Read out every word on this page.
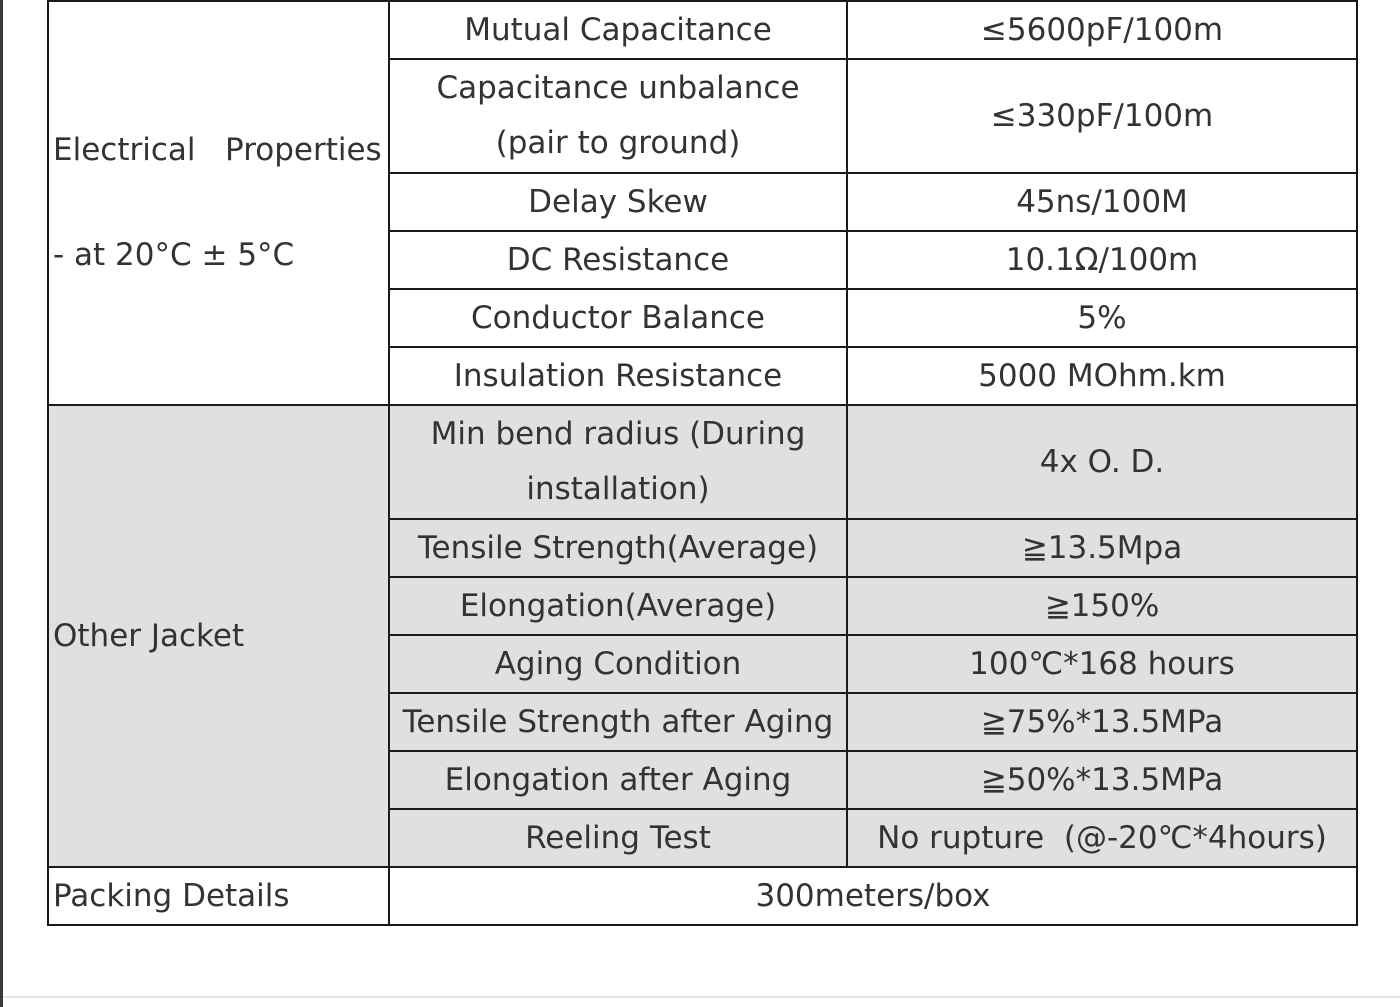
Electrical   Properties
- at 20°C ± 5°C	Mutual Capacitance	≤5600pF/100m
	Capacitance unbalance (pair to ground)	≤330pF/100m
	Delay Skew	45ns/100M
	DC Resistance	10.1Ω/100m
	Conductor Balance	5%
	Insulation Resistance	5000 MOhm.km

Other Jacket	Min bend radius (During installation)	4x O. D.
	Tensile Strength(Average)	≧13.5Mpa
	Elongation(Average)	≧150%
	Aging Condition	100℃*168 hours
	Tensile Strength after Aging	≧75%*13.5MPa
	Elongation after Aging	≧50%*13.5MPa
	Reeling Test	No rupture  (@-20℃*4hours)
Packing Details	300meters/box	
